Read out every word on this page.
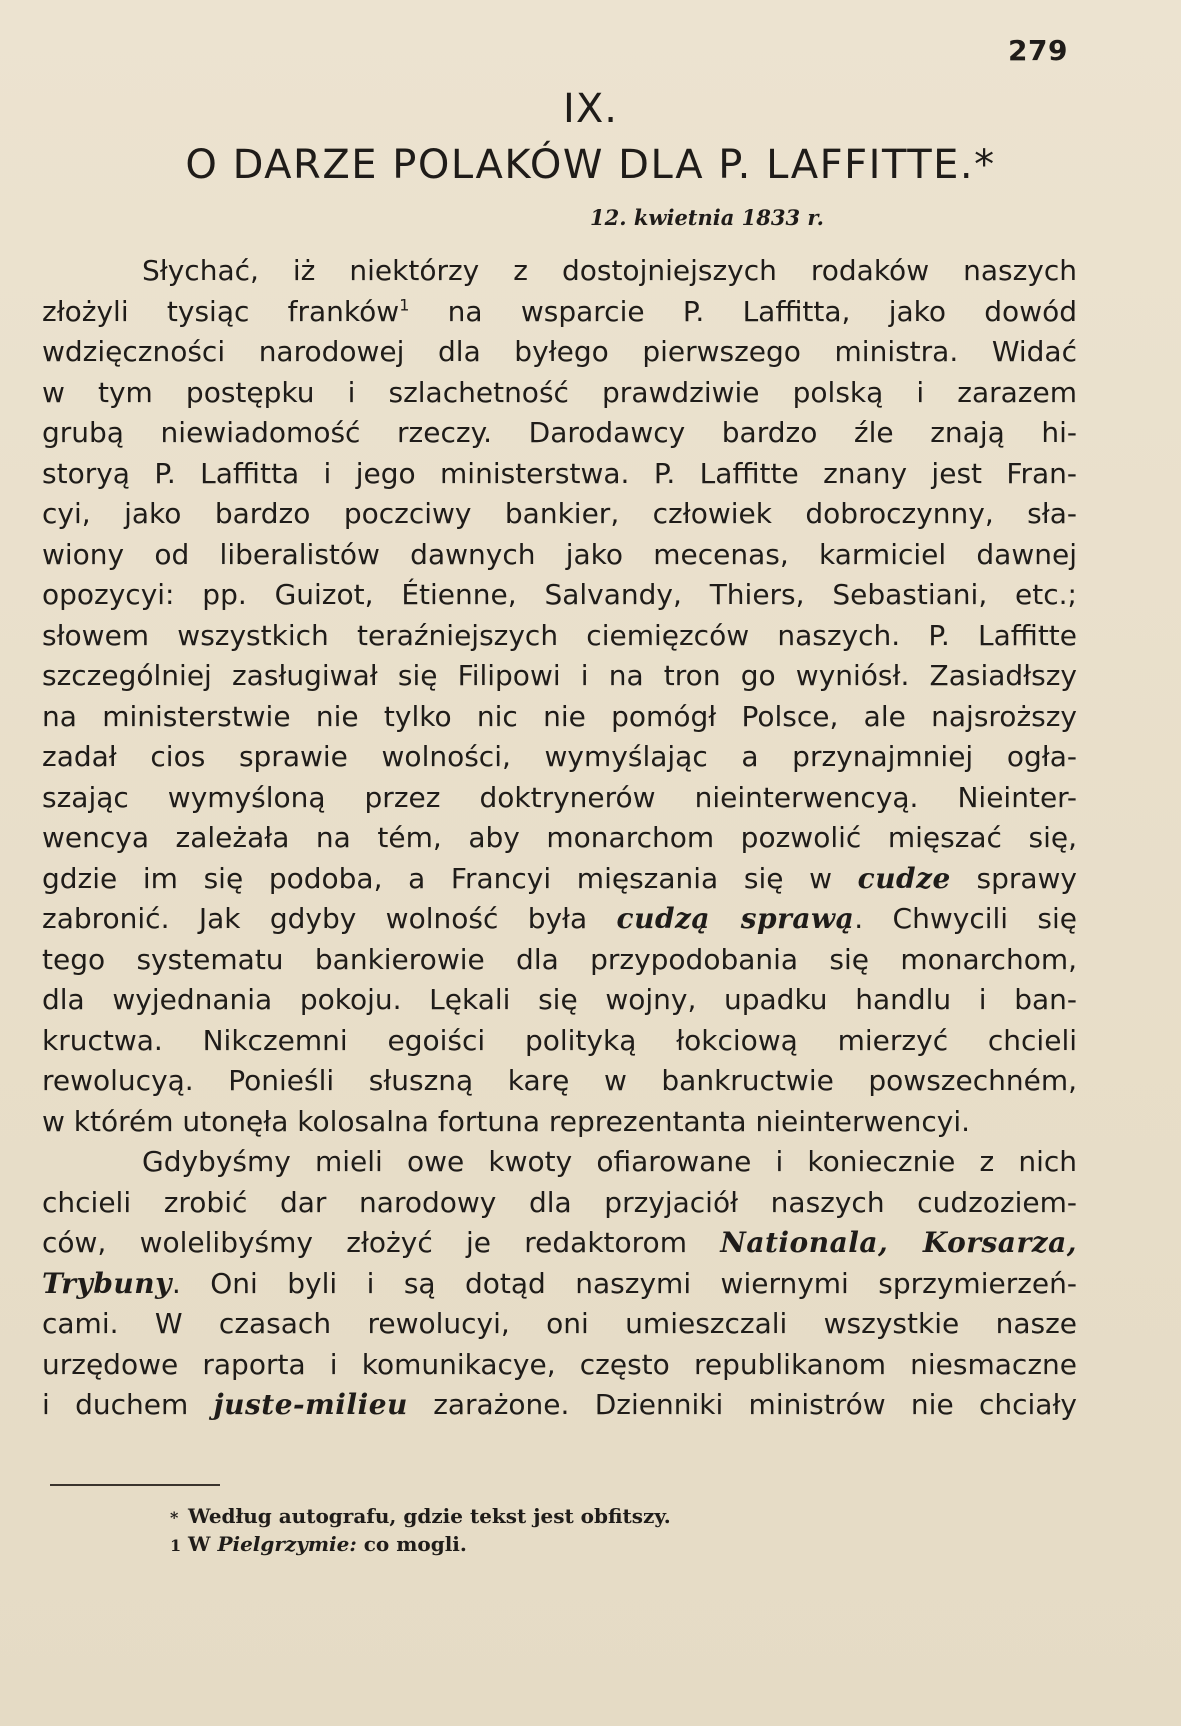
279
IX.
O DARZE POLAKÓW DLA P. LAFFITTE.*
12. kwietnia 1833 r.
Słychać, iż niektórzy z dostojniejszych rodaków naszych
złożyli tysiąc franków$^1$ na wsparcie P. Laffitta, jako dowód
wdzięczności narodowej dla byłego pierwszego ministra. Widać
w tym postępku i szlachetność prawdziwie polską i zarazem
grubą niewiadomość rzeczy. Darodawcy bardzo źle znają hi-
storyą P. Laffitta i jego ministerstwa. P. Laffitte znany jest Fran-
cyi, jako bardzo poczciwy bankier, człowiek dobroczynny, sła-
wiony od liberalistów dawnych jako mecenas, karmiciel dawnej
opozycyi: pp. Guizot, Étienne, Salvandy, Thiers, Sebastiani, etc.;
słowem wszystkich teraźniejszych ciemięzców naszych. P. Laffitte
szczególniej zasługiwał się Filipowi i na tron go wyniósł. Zasiadłszy
na ministerstwie nie tylko nic nie pomógł Polsce, ale najsroższy
zadał cios sprawie wolności, wymyślając a przynajmniej ogła-
szając wymyśloną przez doktrynerów nieinterwencyą. Nieinter-
wencya zależała na tém, aby monarchom pozwolić mięszać się,
gdzie im się podoba, a Francyi mięszania się w cudze sprawy
zabronić. Jak gdyby wolność była cudzą sprawą. Chwycili się
tego systematu bankierowie dla przypodobania się monarchom,
dla wyjednania pokoju. Lękali się wojny, upadku handlu i ban-
kructwa. Nikczemni egoiści polityką łokciową mierzyć chcieli
rewolucyą. Ponieśli słuszną karę w bankructwie powszechném,
w którém utonęła kolosalna fortuna reprezentanta nieinterwencyi.
Gdybyśmy mieli owe kwoty ofiarowane i koniecznie z nich
chcieli zrobić dar narodowy dla przyjaciół naszych cudzoziem-
ców, wolelibyśmy złożyć je redaktorom Nationala, Korsarza,
Trybuny. Oni byli i są dotąd naszymi wiernymi sprzymierzeń-
cami. W czasach rewolucyi, oni umieszczali wszystkie nasze
urzędowe raporta i komunikacye, często republikanom niesmaczne
i duchem juste-milieu zarażone. Dzienniki ministrów nie chciały
* Według autografu, gdzie tekst jest obfitszy.
1 W Pielgrzymie: co mogli.
